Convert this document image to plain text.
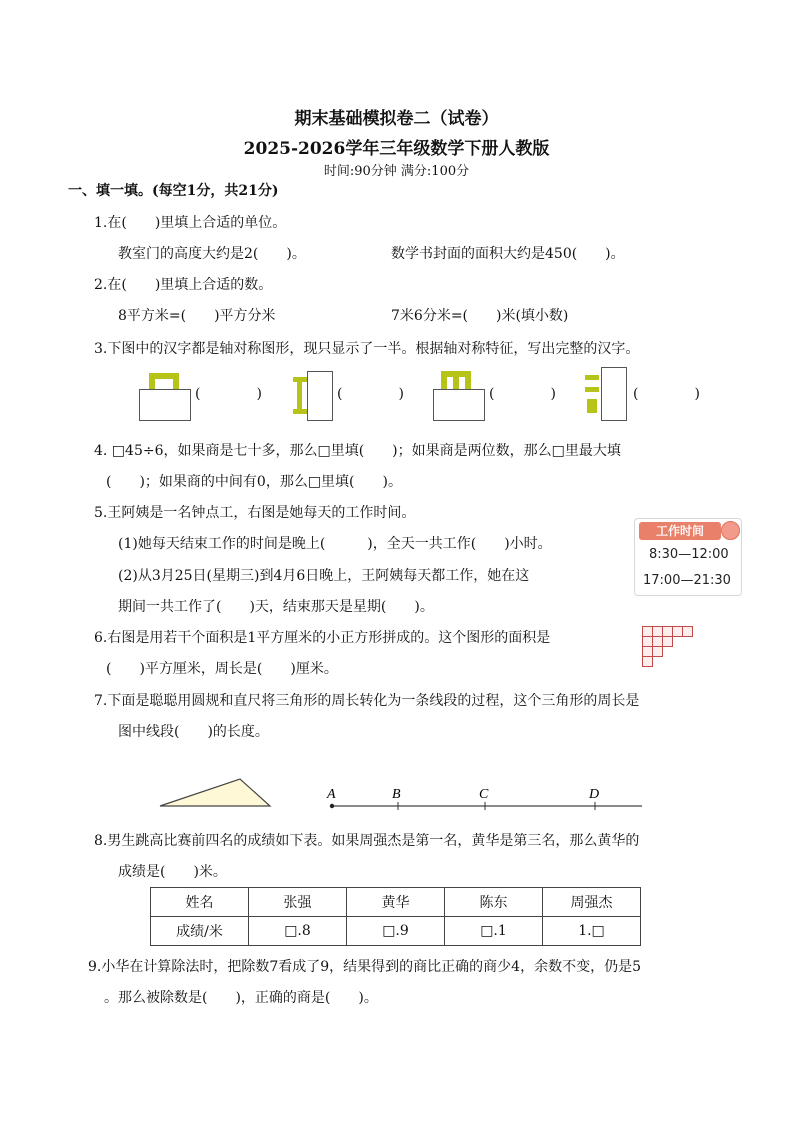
期末基础模拟卷二（试卷）
2025-2026学年三年级数学下册人教版
时间:90分钟 满分:100分
一、填一填。(每空1分，共21分)
1.在(　　)里填上合适的单位。
教室门的高度大约是2(　　)。	数学书封面的面积大约是450(　　)。
2.在(　　)里填上合适的数。
8平方米=(　　)平方分米	7米6分米=(　　)米(填小数)
3.下图中的汉字都是轴对称图形，现只显示了一半。根据轴对称特征，写出完整的汉字。
(　　　　)	(　　　　)	(　　　　)	(　　　　)
4. □45÷6，如果商是七十多，那么□里填(　　)；如果商是两位数，那么□里最大填
(　　)；如果商的中间有0，那么□里填(　　)。
5.王阿姨是一名钟点工，右图是她每天的工作时间。
(1)她每天结束工作的时间是晚上(　　　)，全天一共工作(　　)小时。
(2)从3月25日(星期三)到4月6日晚上，王阿姨每天都工作，她在这
期间一共工作了(　　)天，结束那天是星期(　　)。
工作时间
8:30—12:00
17:00—21:30
6.右图是用若干个面积是1平方厘米的小正方形拼成的。这个图形的面积是
(　　)平方厘米，周长是(　　)厘米。
7.下面是聪聪用圆规和直尺将三角形的周长转化为一条线段的过程，这个三角形的周长是
图中线段(　　)的长度。
A	B	C	D
8.男生跳高比赛前四名的成绩如下表。如果周强杰是第一名，黄华是第三名，那么黄华的
成绩是(　　)米。
姓名	张强	黄华	陈东	周强杰
成绩/米	□.8	□.9	□.1	1.□
9.小华在计算除法时，把除数7看成了9，结果得到的商比正确的商少4，余数不变，仍是5
。那么被除数是(　　)，正确的商是(　　)。
